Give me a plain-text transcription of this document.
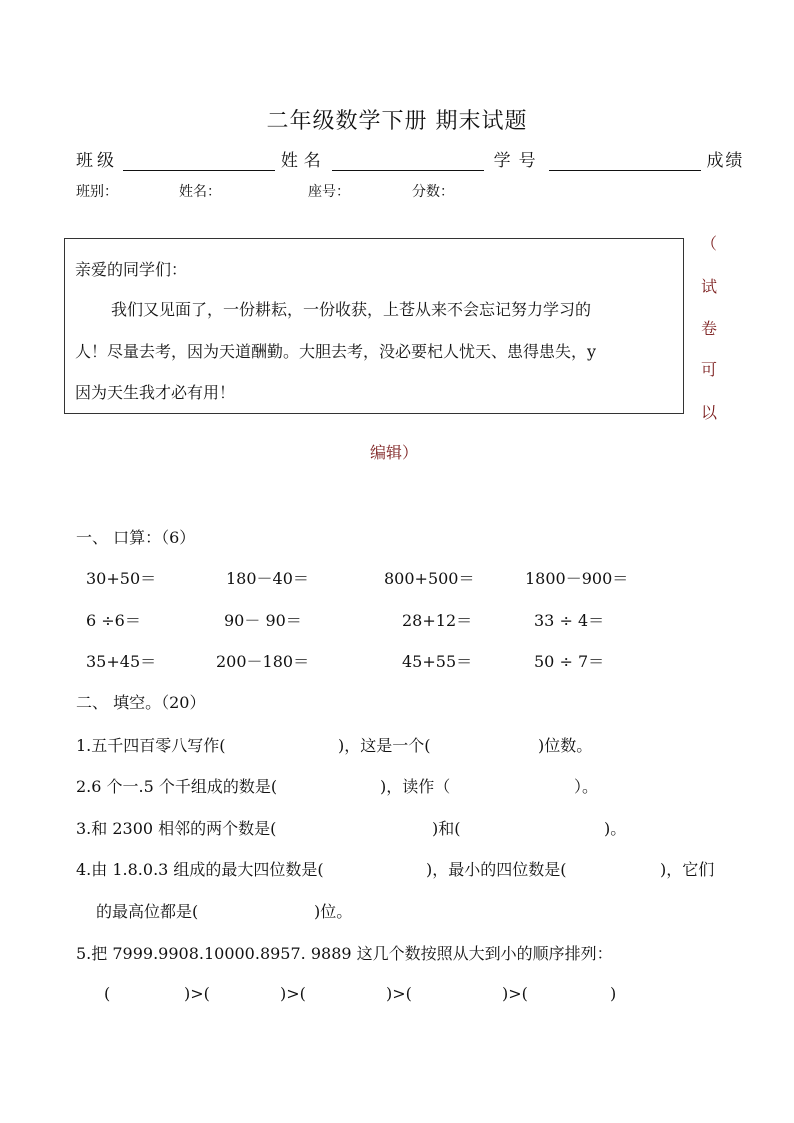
二年级数学下册 期末试题
班级	姓名	学号	成绩
班别：	姓名：	座号：	分数：
亲爱的同学们：
我们又见面了，一份耕耘，一份收获，上苍从来不会忘记努力学习的
人！尽量去考，因为天道酬勤。大胆去考，没必要杞人忧天、患得患失，y
因为天生我才必有用！
（
试
卷
可
以
编辑）
一、 口算：（6）
30+50＝	180－40＝	800+500＝	1800－900＝
6 ÷6＝	90－ 90＝	28+12＝	33 ÷ 4＝
35+45＝	200－180＝	45+55＝	50 ÷ 7＝
二、 填空。（20）
1.五千四百零八写作(	)，这是一个(	)位数。
2.6 个一.5 个千组成的数是(	)，读作（	）。
3.和 2300 相邻的两个数是(	)和(	)。
4.由 1.8.0.3 组成的最大四位数是(	)，最小的四位数是(	)，它们
的最高位都是(	)位。
5.把 7999.9908.10000.8957. 9889 这几个数按照从大到小的顺序排列：
(	)>(	)>(	)>(	)>(	)
